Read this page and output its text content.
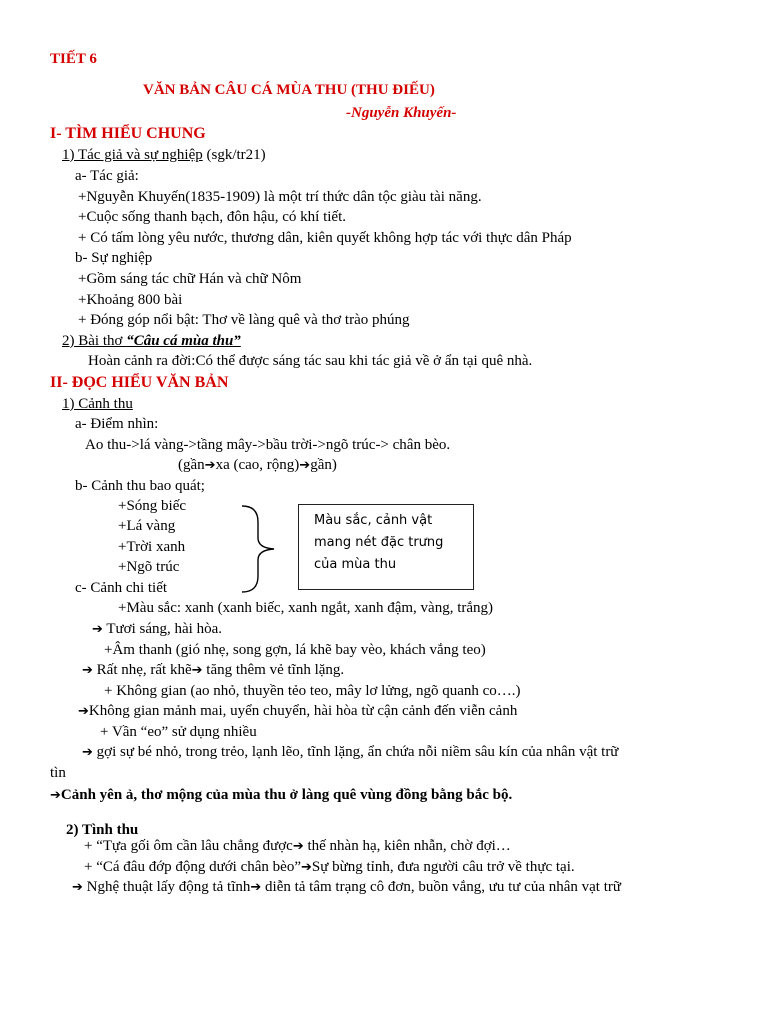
TIẾT 6
VĂN BẢN CÂU CÁ MÙA THU (THU ĐIẾU)
-Nguyễn Khuyến-
I- TÌM HIỂU CHUNG
1) Tác giả và sự nghiệp (sgk/tr21)
a- Tác giả:
+Nguyễn Khuyến(1835-1909) là một trí thức dân tộc giàu tài năng.
+Cuộc sống thanh bạch, đôn hậu, có khí tiết.
+ Có tấm lòng yêu nước, thương dân, kiên quyết không hợp tác với thực dân Pháp
b- Sự nghiệp
+Gồm sáng tác chữ Hán và chữ Nôm
+Khoảng 800 bài
+ Đóng góp nổi bật: Thơ về làng quê và thơ trào phúng
2) Bài thơ “Câu cá mùa thu”
Hoàn cảnh ra đời:Có thể được sáng tác sau khi tác giả về ở ẩn tại quê nhà.
II- ĐỌC HIỂU VĂN BẢN
1) Cảnh thu
a- Điểm nhìn:
Ao thu->lá vàng->tầng mây->bầu trời->ngõ trúc-> chân bèo.
(gần➔xa (cao, rộng)➔gần)
b- Cảnh thu bao quát;
+Sóng biếc
+Lá vàng
+Trời xanh
+Ngõ trúc
Màu sắc, cảnh vật
mang nét đặc trưng
của mùa thu
c- Cảnh chi tiết
+Màu sắc: xanh (xanh biếc, xanh ngắt, xanh đậm, vàng, trắng)
➔ Tươi sáng, hài hòa.
+Âm thanh (gió nhẹ, song gợn, lá khẽ bay vèo, khách vắng teo)
➔ Rất nhẹ, rất khẽ➔ tăng thêm vẻ tĩnh lặng.
+ Không gian (ao nhỏ, thuyền tẻo teo, mây lơ lửng, ngõ quanh co….)
➔Không gian mảnh mai, uyển chuyển, hài hòa từ cận cảnh đến viễn cảnh
+ Vần “eo” sử dụng nhiều
➔ gợi sự bé nhỏ, trong trẻo, lạnh lẽo, tĩnh lặng, ẩn chứa nỗi niềm sâu kín của nhân vật trữ
tìn
➔Cảnh yên ả, thơ mộng của mùa thu ở làng quê vùng đồng bằng bắc bộ.
2) Tình thu
+ “Tựa gối ôm cần lâu chẳng được➔ thế nhàn hạ, kiên nhẫn, chờ đợi…
+ “Cá đâu đớp động dưới chân bèo”➔Sự bừng tỉnh, đưa người câu trở về thực tại.
➔ Nghệ thuật lấy động tả tĩnh➔ diễn tả tâm trạng cô đơn, buồn vắng, ưu tư của nhân vạt trữ
